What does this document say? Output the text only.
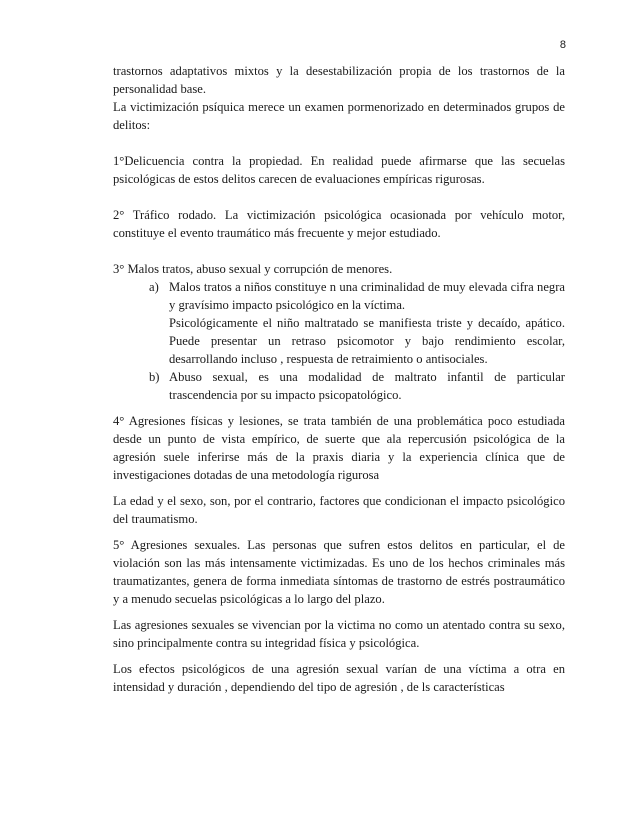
8

trastornos adaptativos mixtos y la desestabilización propia de los trastornos de la personalidad base.

La victimización psíquica merece un examen pormenorizado en determinados grupos de delitos:

1°Delicuencia contra la propiedad. En realidad puede afirmarse que las secuelas psicológicas de estos delitos carecen de evaluaciones empíricas rigurosas.

2° Tráfico rodado. La victimización psicológica ocasionada por vehículo motor, constituye el evento traumático más frecuente y mejor estudiado.

3° Malos tratos, abuso sexual y corrupción de menores.

a) Malos tratos a niños constituye n una criminalidad de muy elevada cifra negra y gravísimo impacto psicológico en la víctima.
Psicológicamente el niño maltratado se manifiesta triste y decaído, apático. Puede presentar un retraso psicomotor y bajo rendimiento escolar, desarrollando incluso , respuesta de retraimiento o antisociales.
b) Abuso sexual, es una modalidad de maltrato infantil de particular trascendencia por su impacto psicopatológico.

4° Agresiones físicas y lesiones, se trata también de una problemática poco estudiada desde un punto de vista empírico, de suerte que ala repercusión psicológica de la agresión suele inferirse más de la praxis diaria y la experiencia clínica que de investigaciones dotadas de una metodología rigurosa

La edad y el sexo, son, por el contrario, factores que condicionan el impacto psicológico del traumatismo.

5° Agresiones sexuales. Las personas que sufren estos delitos en particular, el de violación son las más intensamente victimizadas. Es uno de los hechos criminales más traumatizantes, genera de forma inmediata síntomas de trastorno de estrés postraumático y a menudo secuelas psicológicas a lo largo del plazo.

Las agresiones sexuales se vivencian por la victima no como un atentado contra su sexo, sino principalmente contra su integridad física y psicológica.

Los efectos psicológicos de una agresión sexual varían de una víctima a otra en intensidad y duración , dependiendo del tipo de agresión , de ls características
